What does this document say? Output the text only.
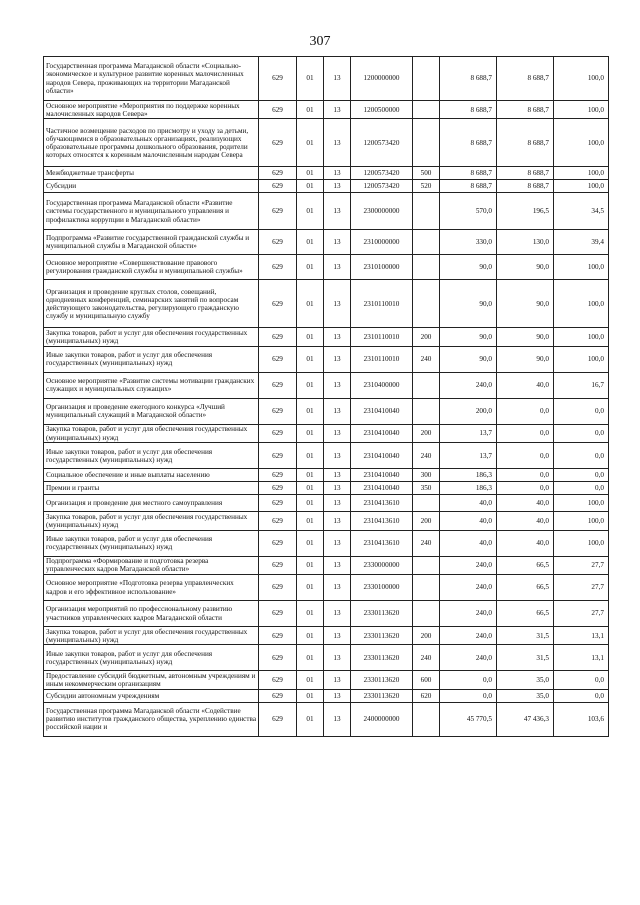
307
Государственная программа Магаданской области «Социально-экономическое и культурное развитие коренных малочисленных народов Севера, проживающих на территории Магаданской области»	629	01	13	1200000000		8 688,7	8 688,7	100,0
Основное мероприятие «Мероприятия по поддержке коренных малочисленных народов Севера»	629	01	13	1200500000		8 688,7	8 688,7	100,0
Частичное возмещение расходов по присмотру и уходу за детьми, обучающимися в образовательных организациях, реализующих образовательные программы дошкольного образования, родители которых относятся к коренным малочисленным народам Севера	629	01	13	1200573420		8 688,7	8 688,7	100,0
Межбюджетные трансферты	629	01	13	1200573420	500	8 688,7	8 688,7	100,0
Субсидии	629	01	13	1200573420	520	8 688,7	8 688,7	100,0
Государственная программа Магаданской области «Развитие системы государственного и муниципального управления и профилактика коррупции в Магаданской области»	629	01	13	2300000000		570,0	196,5	34,5
Подпрограмма «Развитие государственной гражданской службы и муниципальной службы в Магаданской области»	629	01	13	2310000000		330,0	130,0	39,4
Основное мероприятие «Совершенствование правового регулирования гражданской службы и муниципальной службы»	629	01	13	2310100000		90,0	90,0	100,0
Организация и проведение круглых столов, совещаний, однодневных конференций, семинарских занятий по вопросам действующего законодательства, регулирующего гражданскую службу и муниципальную службу	629	01	13	2310110010		90,0	90,0	100,0
Закупка товаров, работ и услуг для обеспечения государственных (муниципальных) нужд	629	01	13	2310110010	200	90,0	90,0	100,0
Иные закупки товаров, работ и услуг для обеспечения государственных (муниципальных) нужд	629	01	13	2310110010	240	90,0	90,0	100,0
Основное мероприятие «Развитие системы мотивации гражданских служащих и муниципальных служащих»	629	01	13	2310400000		240,0	40,0	16,7
Организация и проведение ежегодного конкурса «Лучший муниципальный служащий в Магаданской области»	629	01	13	2310410040		200,0	0,0	0,0
Закупка товаров, работ и услуг для обеспечения государственных (муниципальных) нужд	629	01	13	2310410040	200	13,7	0,0	0,0
Иные закупки товаров, работ и услуг для обеспечения государственных (муниципальных) нужд	629	01	13	2310410040	240	13,7	0,0	0,0
Социальное обеспечение и иные выплаты населению	629	01	13	2310410040	300	186,3	0,0	0,0
Премии и гранты	629	01	13	2310410040	350	186,3	0,0	0,0
Организация и проведение дня местного самоуправления	629	01	13	2310413610		40,0	40,0	100,0
Закупка товаров, работ и услуг для обеспечения государственных (муниципальных) нужд	629	01	13	2310413610	200	40,0	40,0	100,0
Иные закупки товаров, работ и услуг для обеспечения государственных (муниципальных) нужд	629	01	13	2310413610	240	40,0	40,0	100,0
Подпрограмма «Формирование и подготовка резерва управленческих кадров Магаданской области»	629	01	13	2330000000		240,0	66,5	27,7
Основное мероприятие «Подготовка резерва управленческих кадров и его эффективное использование»	629	01	13	2330100000		240,0	66,5	27,7
Организация мероприятий по профессиональному развитию участников управленческих кадров Магаданской области	629	01	13	2330113620		240,0	66,5	27,7
Закупка товаров, работ и услуг для обеспечения государственных (муниципальных) нужд	629	01	13	2330113620	200	240,0	31,5	13,1
Иные закупки товаров, работ и услуг для обеспечения государственных (муниципальных) нужд	629	01	13	2330113620	240	240,0	31,5	13,1
Предоставление субсидий бюджетным, автономным учреждениям и иным некоммерческим организациям	629	01	13	2330113620	600	0,0	35,0	0,0
Субсидии автономным учреждениям	629	01	13	2330113620	620	0,0	35,0	0,0
Государственная программа Магаданской области «Содействие развитию институтов гражданского общества, укреплению единства российской нации и	629	01	13	2400000000		45 770,5	47 436,3	103,6
